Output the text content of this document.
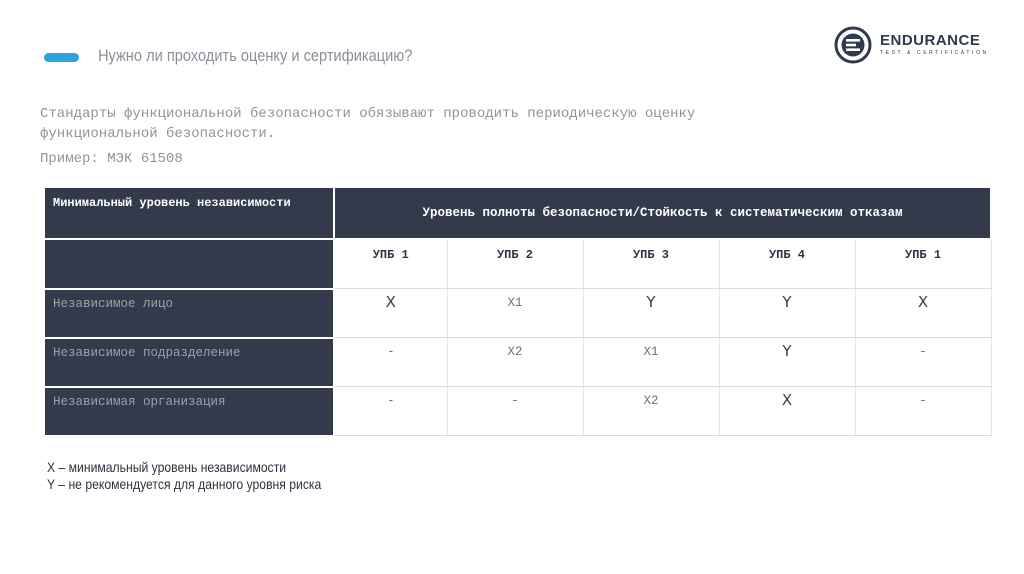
Нужно ли проходить оценку и сертификацию?
ENDURANCE
TEST & CERTIFICATION
Стандарты функциональной безопасности обязывают проводить периодическую оценку
функциональной безопасности.
Пример: МЭК 61508
Минимальный уровень независимости	Уровень полноты безопасности/Стойкость к систематическим отказам				
	УПБ 1	УПБ 2	УПБ 3	УПБ 4	УПБ 1
Независимое лицо	X	X1	Y	Y	X
Независимое подразделение	-	X2	X1	Y	-
Независимая организация	-	-	X2	X	-
X – минимальный уровень независимости
Y – не рекомендуется для данного уровня риска
